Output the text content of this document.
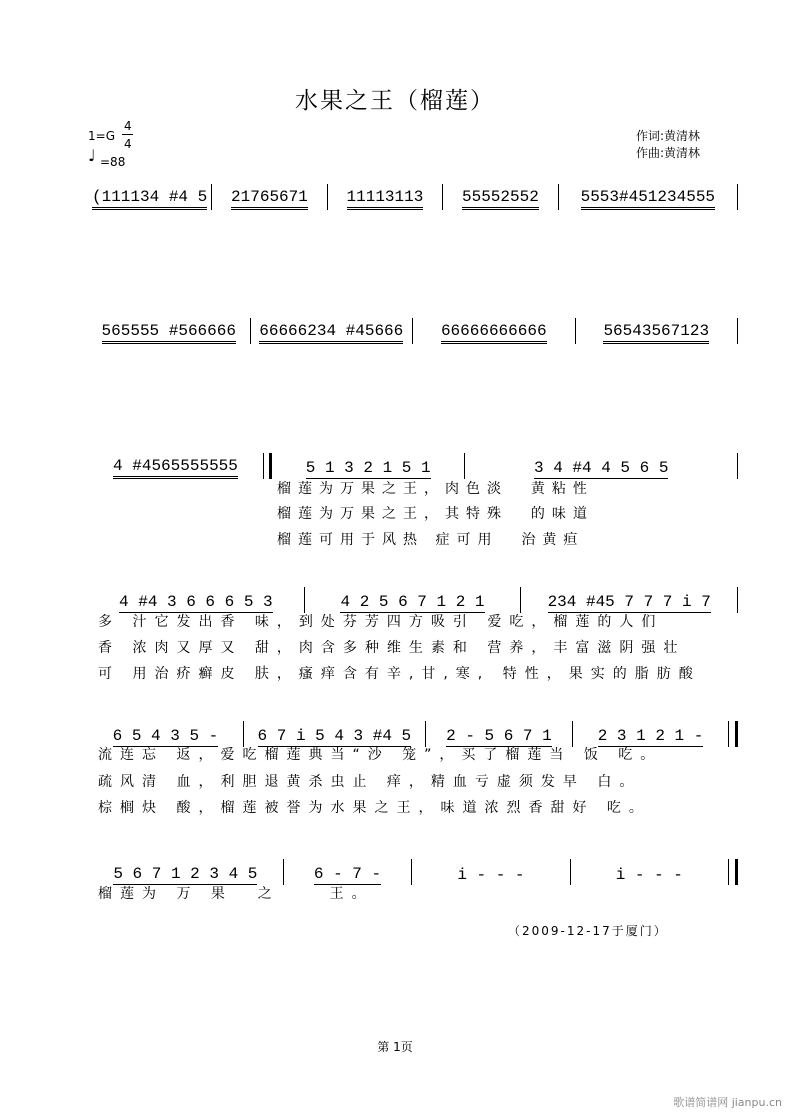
水果之王（榴莲）
1=G
4
4
♩ =88
作词:黄清林
作曲:黄清林
(111134 #4 5 21765671 11113113 55552552	5553#451234555
565555 #566666 66666234 #45666 66666666666	56543567123
4 #4565555555	5 1 3 2 1 5 1	3 4 #4 4 5 6 5
榴莲为万果之王，肉色淡  黄粘性
榴莲为万果之王，其特殊  的味道
榴莲可用于风热 症可用  治黄疸
4 #4 3 6 6 6 5 3	4 2 5 6 7 1 2 1	234 #45 7 7 7 i 7
多 汁它发出香 味，到处芬芳四方吸引 爱吃，榴莲的人们
香 浓肉又厚又 甜，肉含多种维生素和 营养，丰富滋阴强壮
可 用治疥癣皮 肤，瘙痒含有辛,甘,寒, 特性，果实的脂肪酸
6 5 4 3 5 - 6 7 i 5 4 3 #4 5 2 - 5 6 7 1	2 3 1 2 1 -
流连忘 返，爱吃榴莲典当“沙 笼”，买了榴莲当 饭 吃。
疏风清 血，利胆退黄杀虫止 痒，精血亏虚须发早 白。
棕榈炔 酸，榴莲被誉为水果之王，味道浓烈香甜好 吃。
5 6 7 1 2 3 4 5	6 - 7 -	i - - -	i - - -
榴莲为 万 果  之    王。
（2009-12-17于厦门）
第 1页
歌谱简谱网 jianpu.cn
